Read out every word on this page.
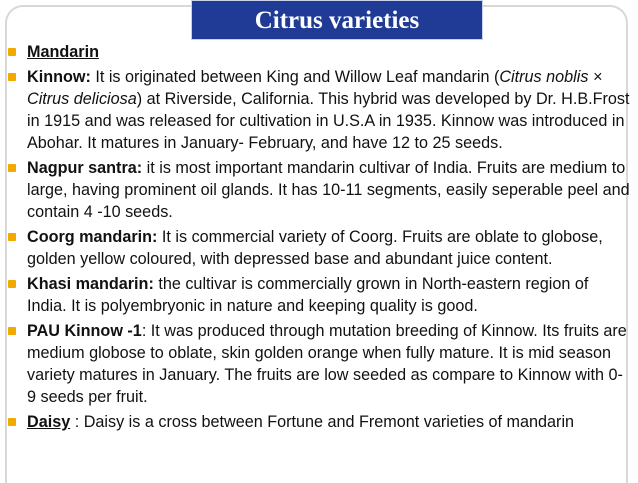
Citrus varieties
Mandarin
Kinnow: It is originated between King and Willow Leaf mandarin (Citrus noblis × Citrus deliciosa) at Riverside, California. This hybrid was developed by Dr. H.B.Frost in 1915 and was released for cultivation in U.S.A in 1935. Kinnow was introduced in Abohar. It matures in January- February, and have 12 to 25 seeds.
Nagpur santra: it is most important mandarin cultivar of India. Fruits are medium to large, having prominent oil glands. It has 10-11 segments, easily seperable peel and contain 4 -10 seeds.
Coorg mandarin: It is commercial variety of Coorg. Fruits are oblate to globose, golden yellow coloured, with depressed base and abundant juice content.
Khasi mandarin: the cultivar is commercially grown in North-eastern region of India. It is polyembryonic in nature and keeping quality is good.
PAU Kinnow -1: It was produced through mutation breeding of Kinnow. Its fruits are medium globose to oblate, skin golden orange when fully mature. It is mid season variety matures in January. The fruits are low seeded as compare to Kinnow with 0-9 seeds per fruit.
Daisy : Daisy is a cross between Fortune and Fremont varieties of mandarin
